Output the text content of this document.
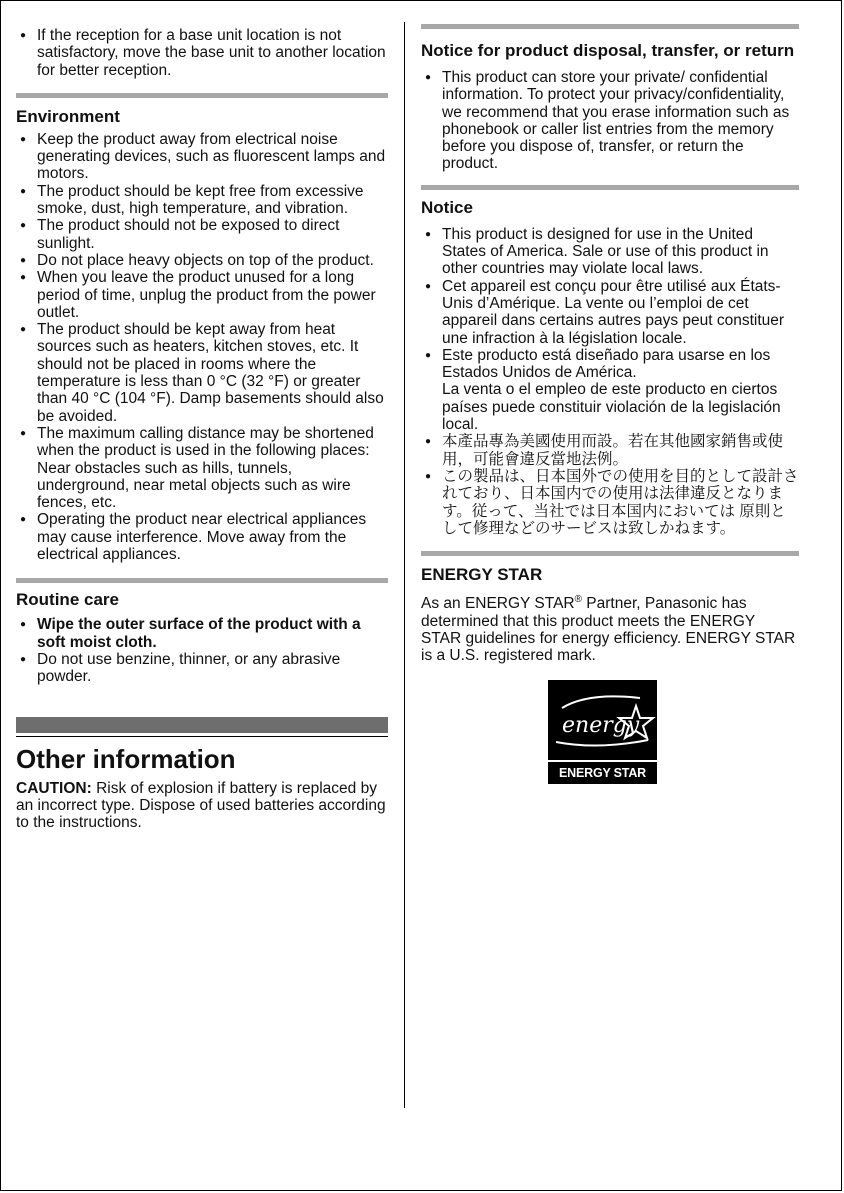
● If the reception for a base unit location is not satisfactory, move the base unit to another location for better reception.
Environment
● Keep the product away from electrical noise generating devices, such as fluorescent lamps and motors.
● The product should be kept free from excessive smoke, dust, high temperature, and vibration.
● The product should not be exposed to direct sunlight.
● Do not place heavy objects on top of the product.
● When you leave the product unused for a long period of time, unplug the product from the power outlet.
● The product should be kept away from heat sources such as heaters, kitchen stoves, etc. It should not be placed in rooms where the temperature is less than 0 °C (32 °F) or greater than 40 °C (104 °F). Damp basements should also be avoided.
● The maximum calling distance may be shortened when the product is used in the following places: Near obstacles such as hills, tunnels, underground, near metal objects such as wire fences, etc.
● Operating the product near electrical appliances may cause interference. Move away from the electrical appliances.
Routine care
● Wipe the outer surface of the product with a soft moist cloth.
● Do not use benzine, thinner, or any abrasive powder.
Other information

CAUTION: Risk of explosion if battery is replaced by an incorrect type. Dispose of used batteries according to the instructions.

Notice for product disposal, transfer, or return
● This product can store your private/ confidential information. To protect your privacy/confidentiality, we recommend that you erase information such as phonebook or caller list entries from the memory before you dispose of, transfer, or return the product.
Notice
● This product is designed for use in the United States of America. Sale or use of this product in other countries may violate local laws.
● Cet appareil est conçu pour être utilisé aux États-Unis d’Amérique. La vente ou l’emploi de cet appareil dans certains autres pays peut constituer une infraction à la législation locale.
● Este producto está diseñado para usarse en los Estados Unidos de América.
La venta o el empleo de este producto en ciertos países puede constituir violación de la legislación local.
● 本產品專為美國使用而設。若在其他國家銷售或使用，可能會違反當地法例。
● この製品は、日本国外での使用を目的として設計されており、日本国内での使用は法律違反となります。従って、当社では日本国内においては 原則として修理などのサービスは致しかねます。
ENERGY STAR

As an ENERGY STAR® Partner, Panasonic has determined that this product meets the ENERGY STAR guidelines for energy efficiency. ENERGY STAR is a U.S. registered mark.

energy
ENERGY STAR
